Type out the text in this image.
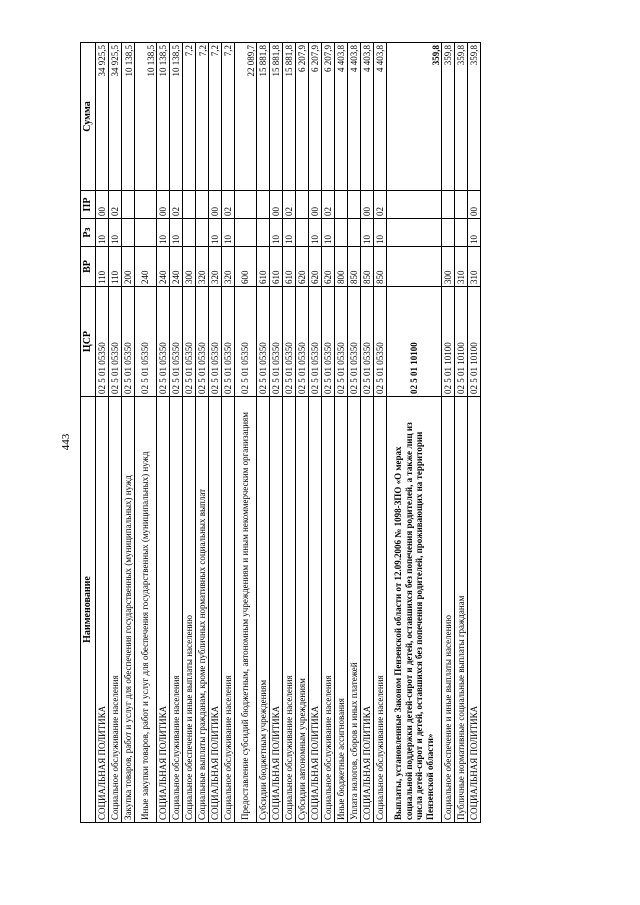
443
Наименование	ЦСР	ВР	Рз	ПР	Сумма
СОЦИАЛЬНАЯ ПОЛИТИКА	02 5 01 05350	110	10	00	34 925,5
Социальное обслуживание населения	02 5 01 05350	110	10	02	34 925,5
Закупка товаров, работ и услуг для обеспечения государственных (муниципальных) нужд	02 5 01 05350	200			10 138,5
Иные закупки товаров, работ и услуг для обеспечения государственных (муниципальных) нужд	02 5 01 05350	240			10 138,5
СОЦИАЛЬНАЯ ПОЛИТИКА	02 5 01 05350	240	10	00	10 138,5
Социальное обслуживание населения	02 5 01 05350	240	10	02	10 138,5
Социальное обеспечение и иные выплаты населению	02 5 01 05350	300			7,2
Социальные выплаты гражданам, кроме публичных нормативных социальных выплат	02 5 01 05350	320			7,2
СОЦИАЛЬНАЯ ПОЛИТИКА	02 5 01 05350	320	10	00	7,2
Социальное обслуживание населения	02 5 01 05350	320	10	02	7,2
Предоставление субсидий бюджетным, автономным учреждениям и иным некоммерческим организациям	02 5 01 05350	600			22 089,7
Субсидии бюджетным учреждениям	02 5 01 05350	610			15 881,8
СОЦИАЛЬНАЯ ПОЛИТИКА	02 5 01 05350	610	10	00	15 881,8
Социальное обслуживание населения	02 5 01 05350	610	10	02	15 881,8
Субсидии автономным учреждениям	02 5 01 05350	620			6 207,9
СОЦИАЛЬНАЯ ПОЛИТИКА	02 5 01 05350	620	10	00	6 207,9
Социальное обслуживание населения	02 5 01 05350	620	10	02	6 207,9
Иные бюджетные ассигнования	02 5 01 05350	800			4 403,8
Уплата налогов, сборов и иных платежей	02 5 01 05350	850			4 403,8
СОЦИАЛЬНАЯ ПОЛИТИКА	02 5 01 05350	850	10	00	4 403,8
Социальное обслуживание населения	02 5 01 05350	850	10	02	4 403,8
Выплаты, установленные Законом Пензенской области от 12.09.2006 № 1098-ЗПО «О мерах социальной поддержки детей-сирот и детей, оставшихся без попечения родителей, а также лиц из числа детей-сирот и детей, оставшихся без попечения родителей, проживающих на территории Пензенской области»	02 5 01 10100				359,8
Социальное обеспечение и иные выплаты населению	02 5 01 10100	300			359,8
Публичные нормативные социальные выплаты гражданам	02 5 01 10100	310			359,8
СОЦИАЛЬНАЯ ПОЛИТИКА	02 5 01 10100	310	10	00	359,8
